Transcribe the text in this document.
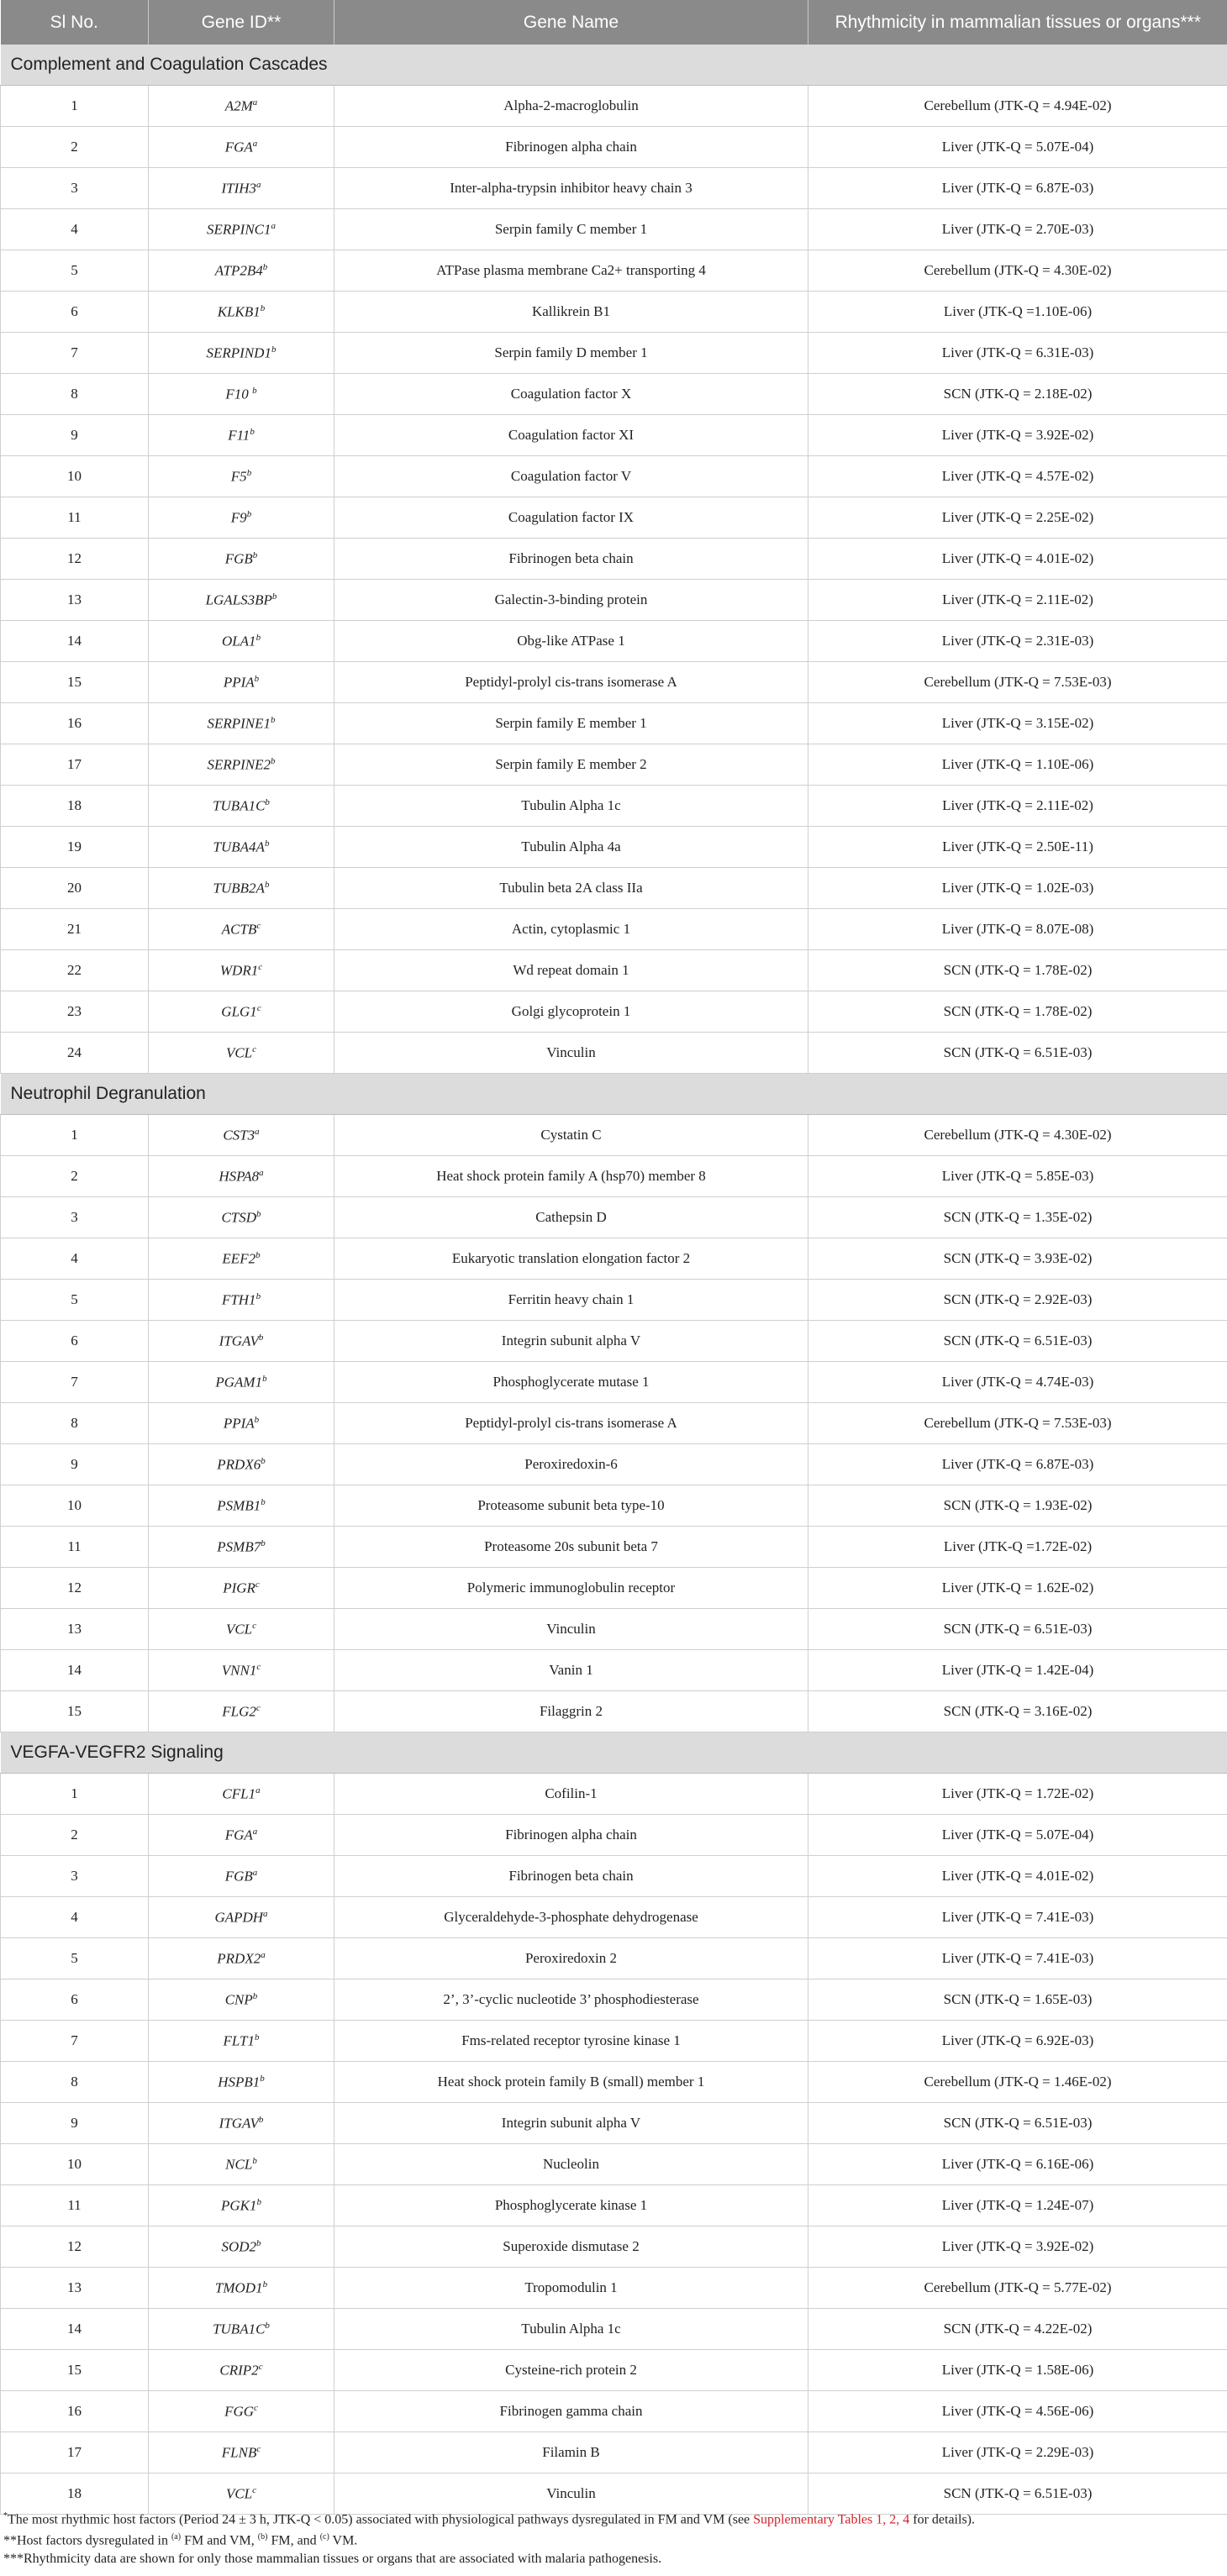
Sl No.	Gene ID**	Gene Name	Rhythmicity in mammalian tissues or organs***
Complement and Coagulation Cascades			
1	$A2M^a$	Alpha-2-macroglobulin	Cerebellum (JTK-Q = 4.94E-02)
2	FGA$^a$	Fibrinogen alpha chain	Liver (JTK-Q = 5.07E-04)
3	ITIH3$^a$	Inter-alpha-trypsin inhibitor heavy chain 3	Liver (JTK-Q = 6.87E-03)
4	SERPINC1$^a$	Serpin family C member 1	Liver (JTK-Q = 2.70E-03)
5	ATP2B4$^b$	ATPase plasma membrane Ca2+ transporting 4	Cerebellum (JTK-Q = 4.30E-02)
6	KLKB1$^b$	Kallikrein B1	Liver (JTK-Q =1.10E-06)
7	SERPIND1$^b$	Serpin family D member 1	Liver (JTK-Q = 6.31E-03)
8	F10 $^b$	Coagulation factor X	SCN (JTK-Q = 2.18E-02)
9	F11$^b$	Coagulation factor XI	Liver (JTK-Q = 3.92E-02)
10	F5$^b$	Coagulation factor V	Liver (JTK-Q = 4.57E-02)
11	F9$^b$	Coagulation factor IX	Liver (JTK-Q = 2.25E-02)
12	FGB$^b$	Fibrinogen beta chain	Liver (JTK-Q = 4.01E-02)
13	$LGALS3BP^b$	Galectin-3-binding protein	Liver (JTK-Q = 2.11E-02)
14	OLA1$^b$	Obg-like ATPase 1	Liver (JTK-Q = 2.31E-03)
15	PPIA$^b$	Peptidyl-prolyl cis-trans isomerase A	Cerebellum (JTK-Q = 7.53E-03)
16	SERPINE1$^b$	Serpin family E member 1	Liver (JTK-Q = 3.15E-02)
17	SERPINE2$^b$	Serpin family E member 2	Liver (JTK-Q = 1.10E-06)
18	$TUBA1C^b$	Tubulin Alpha 1c	Liver (JTK-Q = 2.11E-02)
19	$TUBA4A^b$	Tubulin Alpha 4a	Liver (JTK-Q = 2.50E-11)
20	$TUBB2A^b$	Tubulin beta 2A class IIa	Liver (JTK-Q = 1.02E-03)
21	ACTB$^c$	Actin, cytoplasmic 1	Liver (JTK-Q = 8.07E-08)
22	WDR1$^c$	Wd repeat domain 1	SCN (JTK-Q = 1.78E-02)
23	GLG1$^c$	Golgi glycoprotein 1	SCN (JTK-Q = 1.78E-02)
24	VCL$^c$	Vinculin	SCN (JTK-Q = 6.51E-03)
Neutrophil Degranulation			
1	CST3$^a$	Cystatin C	Cerebellum (JTK-Q = 4.30E-02)
2	HSPA8$^a$	Heat shock protein family A (hsp70) member 8	Liver (JTK-Q = 5.85E-03)
3	CTSD$^b$	Cathepsin D	SCN (JTK-Q = 1.35E-02)
4	EEF2$^b$	Eukaryotic translation elongation factor 2	SCN (JTK-Q = 3.93E-02)
5	FTH1$^b$	Ferritin heavy chain 1	SCN (JTK-Q = 2.92E-03)
6	ITGAV$^b$	Integrin subunit alpha V	SCN (JTK-Q = 6.51E-03)
7	PGAM1$^b$	Phosphoglycerate mutase 1	Liver (JTK-Q = 4.74E-03)
8	PPIA$^b$	Peptidyl-prolyl cis-trans isomerase A	Cerebellum (JTK-Q = 7.53E-03)
9	PRDX6$^b$	Peroxiredoxin-6	Liver (JTK-Q = 6.87E-03)
10	PSMB1$^b$	Proteasome subunit beta type-10	SCN (JTK-Q = 1.93E-02)
11	PSMB7$^b$	Proteasome 20s subunit beta 7	Liver (JTK-Q =1.72E-02)
12	PIGR$^c$	Polymeric immunoglobulin receptor	Liver (JTK-Q = 1.62E-02)
13	VCL$^c$	Vinculin	SCN (JTK-Q = 6.51E-03)
14	VNN1$^c$	Vanin 1	Liver (JTK-Q = 1.42E-04)
15	FLG2$^c$	Filaggrin 2	SCN (JTK-Q = 3.16E-02)
VEGFA-VEGFR2 Signaling			
1	CFL1$^a$	Cofilin-1	Liver (JTK-Q = 1.72E-02)
2	FGA$^a$	Fibrinogen alpha chain	Liver (JTK-Q = 5.07E-04)
3	FGB$^a$	Fibrinogen beta chain	Liver (JTK-Q = 4.01E-02)
4	GAPDH$^a$	Glyceraldehyde-3-phosphate dehydrogenase	Liver (JTK-Q = 7.41E-03)
5	PRDX2$^a$	Peroxiredoxin 2	Liver (JTK-Q = 7.41E-03)
6	CNP$^b$	2’, 3’-cyclic nucleotide 3’ phosphodiesterase	SCN (JTK-Q = 1.65E-03)
7	FLT1$^b$	Fms-related receptor tyrosine kinase 1	Liver (JTK-Q = 6.92E-03)
8	HSPB1$^b$	Heat shock protein family B (small) member 1	Cerebellum (JTK-Q = 1.46E-02)
9	ITGAV$^b$	Integrin subunit alpha V	SCN (JTK-Q = 6.51E-03)
10	NCL$^b$	Nucleolin	Liver (JTK-Q = 6.16E-06)
11	PGK1$^b$	Phosphoglycerate kinase 1	Liver (JTK-Q = 1.24E-07)
12	SOD2$^b$	Superoxide dismutase 2	Liver (JTK-Q = 3.92E-02)
13	TMOD1$^b$	Tropomodulin 1	Cerebellum (JTK-Q = 5.77E-02)
14	$TUBA1C^b$	Tubulin Alpha 1c	SCN (JTK-Q = 4.22E-02)
15	CRIP2$^c$	Cysteine-rich protein 2	Liver (JTK-Q = 1.58E-06)
16	FGG$^c$	Fibrinogen gamma chain	Liver (JTK-Q = 4.56E-06)
17	FLNB$^c$	Filamin B	Liver (JTK-Q = 2.29E-03)
18	VCL$^c$	Vinculin	SCN (JTK-Q = 6.51E-03)

*The most rhythmic host factors (Period 24 ± 3 h, JTK-Q < 0.05) associated with physiological pathways dysregulated in FM and VM (see Supplementary Tables 1, 2, 4 for details).

**Host factors dysregulated in $^{(a)}$ FM and VM, $^{(b)}$ FM, and $^{(c)}$ VM.

***Rhythmicity data are shown for only those mammalian tissues or organs that are associated with malaria pathogenesis.
